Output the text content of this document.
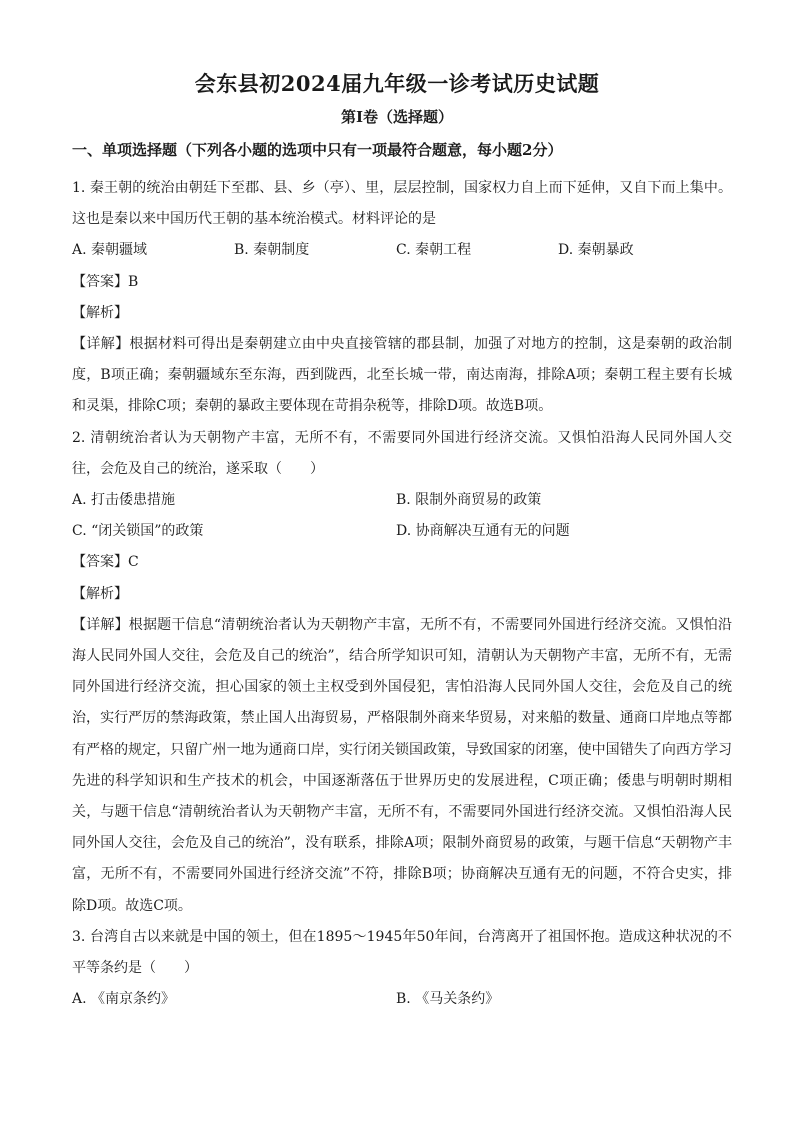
会东县初2024届九年级一诊考试历史试题
第Ⅰ卷（选择题）
一、单项选择题（下列各小题的选项中只有一项最符合题意，每小题2分）

1. 秦王朝的统治由朝廷下至郡、县、乡（亭）、里，层层控制，国家权力自上而下延伸，又自下而上集中。这也是秦以来中国历代王朝的基本统治模式。材料评论的是

A. 秦朝疆域	B. 秦朝制度	C. 秦朝工程	D. 秦朝暴政

【答案】B

【解析】

【详解】根据材料可得出是秦朝建立由中央直接管辖的郡县制，加强了对地方的控制，这是秦朝的政治制度，B项正确；秦朝疆域东至东海，西到陇西，北至长城一带，南达南海，排除A项；秦朝工程主要有长城和灵渠，排除C项；秦朝的暴政主要体现在苛捐杂税等，排除D项。故选B项。

2. 清朝统治者认为天朝物产丰富，无所不有，不需要同外国进行经济交流。又惧怕沿海人民同外国人交往，会危及自己的统治，遂采取（　　）

A. 打击倭患措施	B. 限制外商贸易的政策
C. “闭关锁国”的政策	D. 协商解决互通有无的问题

【答案】C

【解析】

【详解】根据题干信息“清朝统治者认为天朝物产丰富，无所不有，不需要同外国进行经济交流。又惧怕沿海人民同外国人交往，会危及自己的统治”，结合所学知识可知，清朝认为天朝物产丰富，无所不有，无需同外国进行经济交流，担心国家的领土主权受到外国侵犯，害怕沿海人民同外国人交往，会危及自己的统治，实行严厉的禁海政策，禁止国人出海贸易，严格限制外商来华贸易，对来船的数量、通商口岸地点等都有严格的规定，只留广州一地为通商口岸，实行闭关锁国政策，导致国家的闭塞，使中国错失了向西方学习先进的科学知识和生产技术的机会，中国逐渐落伍于世界历史的发展进程，C项正确；倭患与明朝时期相关，与题干信息“清朝统治者认为天朝物产丰富，无所不有，不需要同外国进行经济交流。又惧怕沿海人民同外国人交往，会危及自己的统治”，没有联系，排除A项；限制外商贸易的政策，与题干信息“天朝物产丰富，无所不有，不需要同外国进行经济交流”不符，排除B项；协商解决互通有无的问题，不符合史实，排除D项。故选C项。

3. 台湾自古以来就是中国的领土，但在1895～1945年50年间，台湾离开了祖国怀抱。造成这种状况的不平等条约是（　　）

A. 《南京条约》	B. 《马关条约》
